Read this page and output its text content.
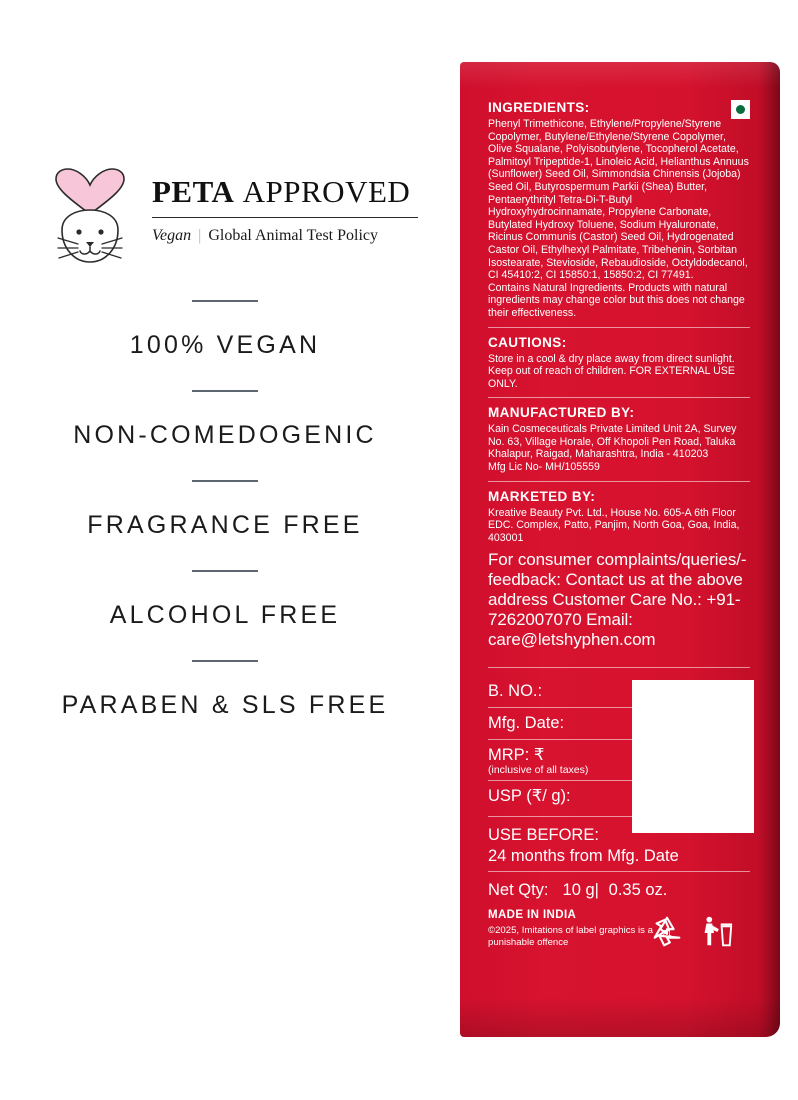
PETA APPROVED
Vegan | Global Animal Test Policy
100% VEGAN
NON-COMEDOGENIC
FRAGRANCE FREE
ALCOHOL FREE
PARABEN & SLS FREE
INGREDIENTS:

Phenyl Trimethicone, Ethylene/Propylene/Styrene Copolymer, Butylene/Ethylene/Styrene Copolymer, Olive Squalane, Polyisobutylene, Tocopherol Acetate, Palmitoyl Tripeptide-1, Linoleic Acid, Helianthus Annuus (Sunflower) Seed Oil, Simmondsia Chinensis (Jojoba) Seed Oil, Butyrospermum Parkii (Shea) Butter, Pentaerythrityl Tetra-Di-T-Butyl Hydroxyhydrocinnamate, Propylene Carbonate, Butylated Hydroxy Toluene, Sodium Hyaluronate, Ricinus Communis (Castor) Seed Oil, Hydrogenated Castor Oil, Ethylhexyl Palmitate, Tribehenin, Sorbitan Isostearate, Stevioside, Rebaudioside, Octyldodecanol, CI 45410:2, CI 15850:1, 15850:2, CI 77491.

Contains Natural Ingredients. Products with natural ingredients may change color but this does not change their effectiveness.

CAUTIONS:

Store in a cool & dry place away from direct sunlight. Keep out of reach of children. FOR EXTERNAL USE ONLY.

MANUFACTURED BY:

Kain Cosmeceuticals Private Limited Unit 2A, Survey No. 63, Village Horale, Off Khopoli Pen Road, Taluka Khalapur, Raigad, Maharashtra, India - 410203

Mfg Lic No- MH/105559

MARKETED BY:

Kreative Beauty Pvt. Ltd., House No. 605-A 6th Floor EDC. Complex, Patto, Panjim, North Goa, Goa, India, 403001

For consumer complaints/queries/-feedback: Contact us at the above address Customer Care No.: +91-7262007070 Email: care@letshyphen.com

B. NO.:
Mfg. Date:
MRP: ₹
(inclusive of all taxes)
USP (₹/ g):
USE BEFORE:
24 months from Mfg. Date
Net Qty: 10 g| 0.35 oz.
MADE IN INDIA

©2025, Imitations of label graphics is a punishable offence

21
